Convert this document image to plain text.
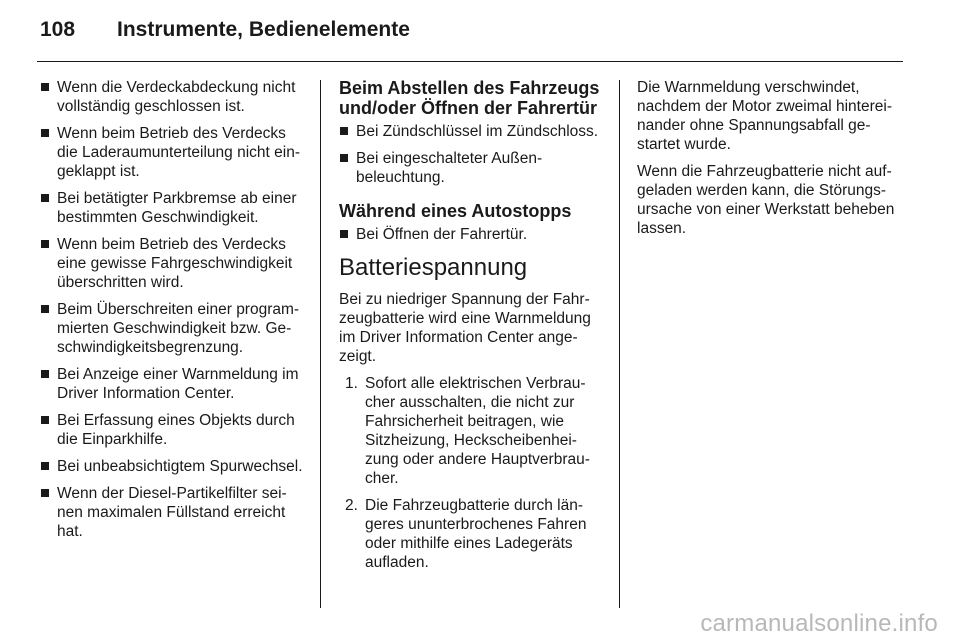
108 Instrumente, Bedienelemente
Wenn die Verdeckabdeckung nicht vollständig geschlossen ist.
Wenn beim Betrieb des Verdecks die Laderaumunterteilung nicht eingeklappt ist.
Bei betätigter Parkbremse ab einer bestimmten Geschwindigkeit.
Wenn beim Betrieb des Verdecks eine gewisse Fahrgeschwindigkeit überschritten wird.
Beim Überschreiten einer programmierten Geschwindigkeit bzw. Geschwindigkeitsbegrenzung.
Bei Anzeige einer Warnmeldung im Driver Information Center.
Bei Erfassung eines Objekts durch die Einparkhilfe.
Bei unbeabsichtigtem Spurwechsel.
Wenn der Diesel-Partikelfilter seinen maximalen Füllstand erreicht hat.
Beim Abstellen des Fahrzeugs und/oder Öffnen der Fahrertür
Bei Zündschlüssel im Zündschloss.
Bei eingeschalteter Außenbeleuchtung.
Während eines Autostopps
Bei Öffnen der Fahrertür.
Batteriespannung

Bei zu niedriger Spannung der Fahrzeugbatterie wird eine Warnmeldung im Driver Information Center angezeigt.

1. Sofort alle elektrischen Verbraucher ausschalten, die nicht zur Fahrsicherheit beitragen, wie Sitzheizung, Heckscheibenheizung oder andere Hauptverbraucher.
2. Die Fahrzeugbatterie durch längeres ununterbrochenes Fahren oder mithilfe eines Ladegeräts aufladen.

Die Warnmeldung verschwindet, nachdem der Motor zweimal hintereinander ohne Spannungsabfall gestartet wurde.

Wenn die Fahrzeugbatterie nicht aufgeladen werden kann, die Störungsursache von einer Werkstatt beheben lassen.

carmanualsonline.info
